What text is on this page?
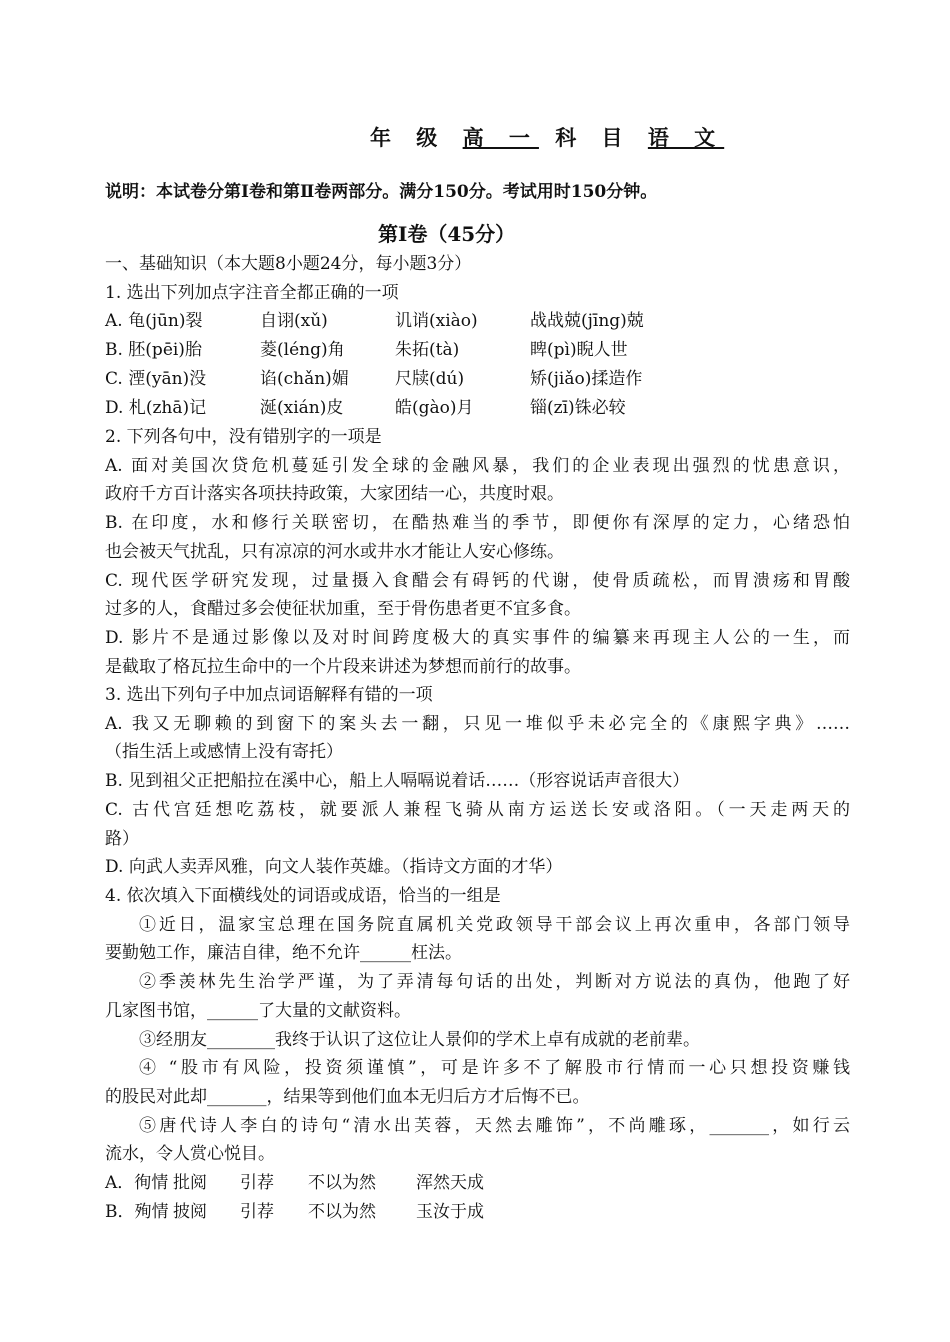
年 级 高 一 科 目 语 文
说明：本试卷分第Ⅰ卷和第Ⅱ卷两部分。满分150分。考试用时150分钟。
第Ⅰ卷（45分）
一、基础知识（本大题8小题24分，每小题3分）
1. 选出下列加点字注音全都正确的一项
A. 龟(jūn)裂	自诩(xǔ)	讥诮(xiào)	战战兢(jīng)兢
B. 胚(pēi)胎	菱(léng)角	朱拓(tà)	睥(pì)睨人世
C. 湮(yān)没	谄(chǎn)媚	尺牍(dú)	矫(jiǎo)揉造作
D. 札(zhā)记	涎(xián)皮	皓(gào)月	锱(zī)铢必较
2. 下列各句中，没有错别字的一项是
A. 面对美国次贷危机蔓延引发全球的金融风暴，我们的企业表现出强烈的忧患意识，
政府千方百计落实各项扶持政策，大家团结一心，共度时艰。
B. 在印度，水和修行关联密切，在酷热难当的季节，即便你有深厚的定力，心绪恐怕
也会被天气扰乱，只有凉凉的河水或井水才能让人安心修练。
C. 现代医学研究发现，过量摄入食醋会有碍钙的代谢，使骨质疏松，而胃溃疡和胃酸
过多的人，食醋过多会使征状加重，至于骨伤患者更不宜多食。
D. 影片不是通过影像以及对时间跨度极大的真实事件的编纂来再现主人公的一生，而
是截取了格瓦拉生命中的一个片段来讲述为梦想而前行的故事。
3. 选出下列句子中加点词语解释有错的一项
A. 我又无聊赖的到窗下的案头去一翻，只见一堆似乎未必完全的《康熙字典》……
（指生活上或感情上没有寄托）
B. 见到祖父正把船拉在溪中心，船上人嗝嗝说着话……（形容说话声音很大）
C. 古代宫廷想吃荔枝，就要派人兼程飞骑从南方运送长安或洛阳。（一天走两天的
路）
D. 向武人卖弄风雅，向文人装作英雄。（指诗文方面的才华）
4. 依次填入下面横线处的词语或成语，恰当的一组是
①近日，温家宝总理在国务院直属机关党政领导干部会议上再次重申，各部门领导
要勤勉工作，廉洁自律，绝不允许______枉法。
②季羡林先生治学严谨，为了弄清每句话的出处，判断对方说法的真伪，他跑了好
几家图书馆，______了大量的文献资料。
③经朋友________我终于认识了这位让人景仰的学术上卓有成就的老前辈。
④ “股市有风险，投资须谨慎”，可是许多不了解股市行情而一心只想投资赚钱
的股民对此却_______，结果等到他们血本无归后方才后悔不已。
⑤唐代诗人李白的诗句“清水出芙蓉，天然去雕饰”，不尚雕琢，_______，如行云
流水，令人赏心悦目。
A．徇情 批阅 引荐 不以为然 浑然天成
B．殉情 披阅 引荐 不以为然 玉汝于成
